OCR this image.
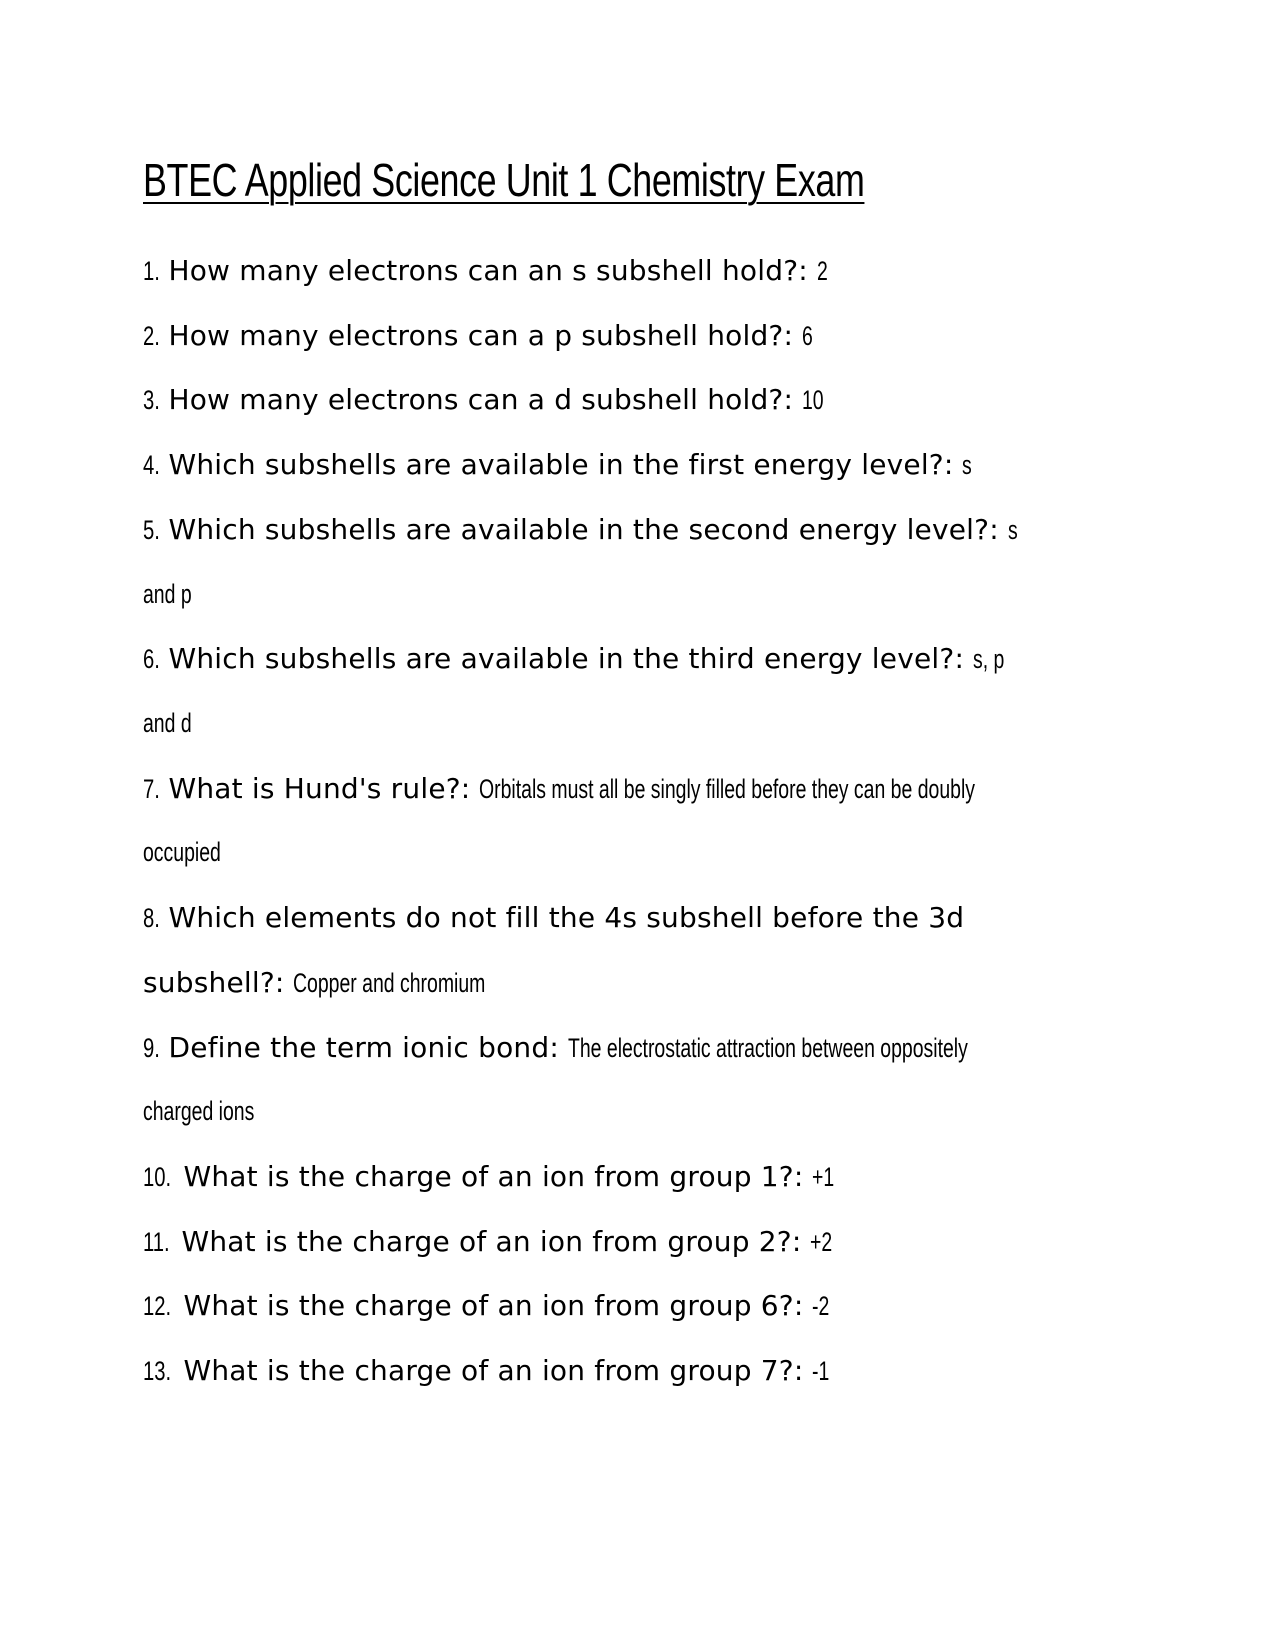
BTEC Applied Science Unit 1 Chemistry Exam
1. How many electrons can an s subshell hold?: 2
2. How many electrons can a p subshell hold?: 6
3. How many electrons can a d subshell hold?: 10
4. Which subshells are available in the first energy level?: s
5. Which subshells are available in the second energy level?: s
and p
6. Which subshells are available in the third energy level?: s, p
and d
7. What is Hund's rule?: Orbitals must all be singly filled before they can be doubly
occupied
8. Which elements do not fill the 4s subshell before the 3d
subshell?: Copper and chromium
9. Define the term ionic bond: The electrostatic attraction between oppositely
charged ions
10. What is the charge of an ion from group 1?: +1
11. What is the charge of an ion from group 2?: +2
12. What is the charge of an ion from group 6?: -2
13. What is the charge of an ion from group 7?: -1
